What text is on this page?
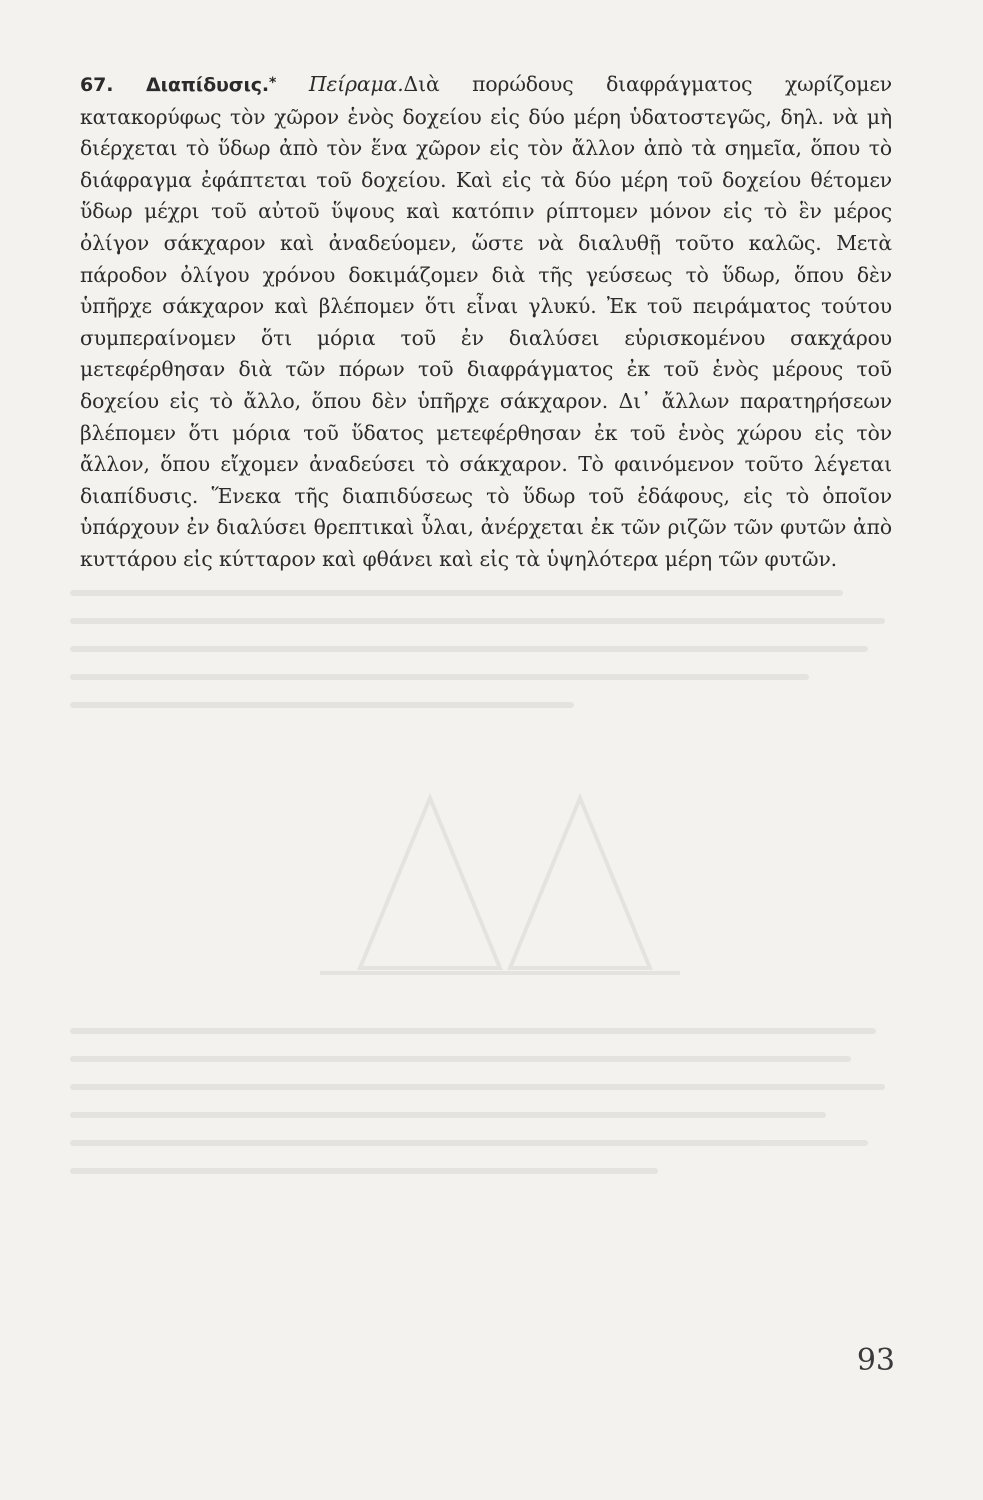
67. Διαπίδυσις.* Πείραμα.Διὰ πορώδους διαφράγματος χωρίζομεν κατακορύφως τὸν χῶρον ἑνὸς δοχείου εἰς δύο μέρη ὑδατοστεγῶς, δηλ. νὰ μὴ διέρχεται τὸ ὕδωρ ἀπὸ τὸν ἕνα χῶρον εἰς τὸν ἄλλον ἀπὸ τὰ σημεῖα, ὅπου τὸ διάφραγμα ἐφάπτεται τοῦ δοχείου. Καὶ εἰς τὰ δύο μέρη τοῦ δοχείου θέτομεν ὕδωρ μέχρι τοῦ αὐτοῦ ὕψους καὶ κατόπιν ρίπτομεν μόνον εἰς τὸ ἓν μέρος ὀλίγον σάκχαρον καὶ ἀναδεύομεν, ὥστε νὰ διαλυθῇ τοῦτο καλῶς. Μετὰ πάροδον ὀλίγου χρόνου δοκιμάζομεν διὰ τῆς γεύσεως τὸ ὕδωρ, ὅπου δὲν ὑπῆρχε σάκχαρον καὶ βλέπομεν ὅτι εἶναι γλυκύ. Ἐκ τοῦ πειράματος τούτου συμπεραίνομεν ὅτι μόρια τοῦ ἐν διαλύσει εὑρισκομένου σακχάρου μετεφέρθησαν διὰ τῶν πόρων τοῦ διαφράγματος ἐκ τοῦ ἑνὸς μέρους τοῦ δοχείου εἰς τὸ ἄλλο, ὅπου δὲν ὑπῆρχε σάκχαρον. Δι᾽ ἄλλων παρατηρήσεων βλέπομεν ὅτι μόρια τοῦ ὕδατος μετεφέρθησαν ἐκ τοῦ ἑνὸς χώρου εἰς τὸν ἄλλον, ὅπου εἴχομεν ἀναδεύσει τὸ σάκχαρον. Τὸ φαινόμενον τοῦτο λέγεται διαπίδυσις. Ἕνεκα τῆς διαπιδύσεως τὸ ὕδωρ τοῦ ἐδάφους, εἰς τὸ ὁποῖον ὑπάρχουν ἐν διαλύσει θρεπτικαὶ ὗλαι, ἀνέρχεται ἐκ τῶν ριζῶν τῶν φυτῶν ἀπὸ κυττάρου εἰς κύτταρον καὶ φθάνει καὶ εἰς τὰ ὑψηλότερα μέρη τῶν φυτῶν.

93
